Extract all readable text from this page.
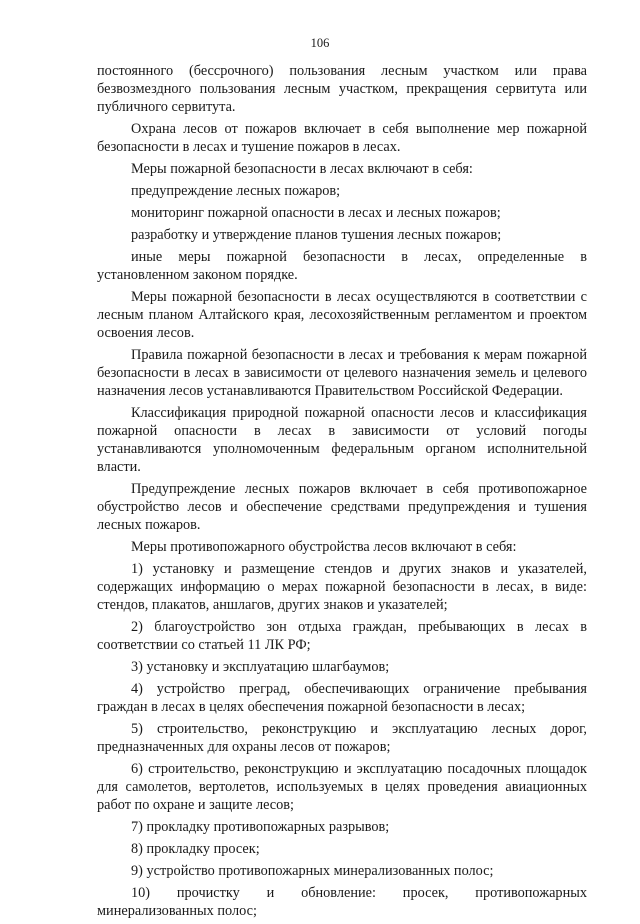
106

постоянного (бессрочного) пользования лесным участком или права безвозмездного пользования лесным участком, прекращения сервитута или публичного сервитута.

Охрана лесов от пожаров включает в себя выполнение мер пожарной безопасности в лесах и тушение пожаров в лесах.

Меры пожарной безопасности в лесах включают в себя:

предупреждение лесных пожаров;

мониторинг пожарной опасности в лесах и лесных пожаров;

разработку и утверждение планов тушения лесных пожаров;

иные меры пожарной безопасности в лесах, определенные в установленном законом порядке.

Меры пожарной безопасности в лесах осуществляются в соответствии с лесным планом Алтайского края, лесохозяйственным регламентом и проектом освоения лесов.

Правила пожарной безопасности в лесах и требования к мерам пожарной безопасности в лесах в зависимости от целевого назначения земель и целевого назначения лесов устанавливаются Правительством Российской Федерации.

Классификация природной пожарной опасности лесов и классификация пожарной опасности в лесах в зависимости от условий погоды устанавливаются уполномоченным федеральным органом исполнительной власти.

Предупреждение лесных пожаров включает в себя противопожарное обустройство лесов и обеспечение средствами предупреждения и тушения лесных пожаров.

Меры противопожарного обустройства лесов включают в себя:

1) установку и размещение стендов и других знаков и указателей, содержащих информацию о мерах пожарной безопасности в лесах, в виде: стендов, плакатов, аншлагов, других знаков и указателей;

2) благоустройство зон отдыха граждан, пребывающих в лесах в соответствии со статьей 11 ЛК РФ;

3) установку и эксплуатацию шлагбаумов;

4) устройство преград, обеспечивающих ограничение пребывания граждан в лесах в целях обеспечения пожарной безопасности в лесах;

5) строительство, реконструкцию и эксплуатацию лесных дорог, предназначенных для охраны лесов от пожаров;

6) строительство, реконструкцию и эксплуатацию посадочных площадок для самолетов, вертолетов, используемых в целях проведения авиационных работ по охране и защите лесов;

7) прокладку противопожарных разрывов;

8) прокладку просек;

9) устройство противопожарных минерализованных полос;

10) прочистку и обновление: просек, противопожарных минерализованных полос;
